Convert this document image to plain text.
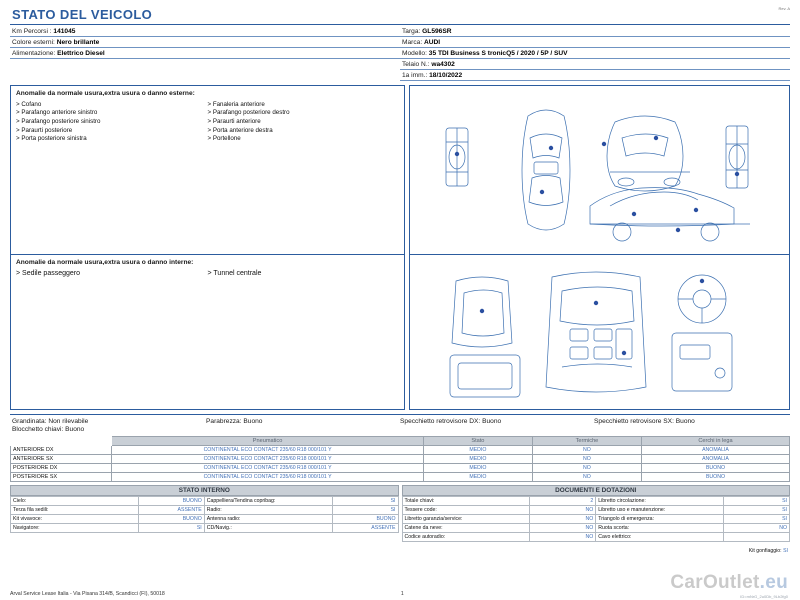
Rev. A
STATO DEL VEICOLO
Km Percorsi : 141045
Colore esterni: Nero brillante
Alimentazione: Elettrico Diesel
Targa: GL596SR
Marca: AUDI
Modello: 35 TDI Business S tronicQ5 / 2020 / 5P / SUV
Telaio N.: wa4302
1a imm.: 18/10/2022
Anomalie da normale usura,extra usura o danno esterne:
> Cofano
> Parafango anteriore sinistro
> Parafango posteriore sinistro
> Paraurti posteriore
> Porta posteriore sinistra
> Fanaleria anteriore
> Parafango posteriore destro
> Paraurti anteriore
> Porta anteriore destra
> Portellone
Anomalie da normale usura,extra usura o danno interne:
> Sedile passeggero	> Tunnel centrale
Grandinata: Non rilevabile	Parabrezza: Buono	Specchietto retrovisore DX: Buono	Specchietto retrovisore SX: Buono
Blocchetto chiavi: Buono
	Pneumatico	Stato	Termiche	Cerchi in lega
ANTERIORE DX	CONTINENTAL ECO CONTACT 235/60 R18 000/101 Y	MEDIO	NO	ANOMALIA
ANTERIORE SX	CONTINENTAL ECO CONTACT 235/60 R18 000/101 Y	MEDIO	NO	ANOMALIA
POSTERIORE DX	CONTINENTAL ECO CONTACT 235/60 R18 000/101 Y	MEDIO	NO	BUONO
POSTERIORE SX	CONTINENTAL ECO CONTACT 235/60 R18 000/101 Y	MEDIO	NO	BUONO
STATO INTERNO
Cielo:	BUONO	Cappelliera/Tendina copribag:	SI
Terza fila sedili:	ASSENTE	Radio:	SI
Kit vivavoce:	BUONO	Antenna radio:	BUONO
Navigatore:	SI	CD/Navig.:	ASSENTE
DOCUMENTI E DOTAZIONI
Totale chiavi:	2	Libretto circolazione:	SI
Tessere code:	NO	Libretto uso e manutenzione:	SI
Libretto garanzia/service:	NO	Triangolo di emergenza:	SI
Catene da neve:	NO	Ruota scorta:	NO
Codice autoradio:	NO	Cavo elettrico:	
Kit gonfiaggio: SI
Arval Service Lease Italia - Via Pisana 314/B, Scandicci (FI), 50018	1
CarOutlet.eu
ID=mNrG_2u0Db_9Lb2fg0
